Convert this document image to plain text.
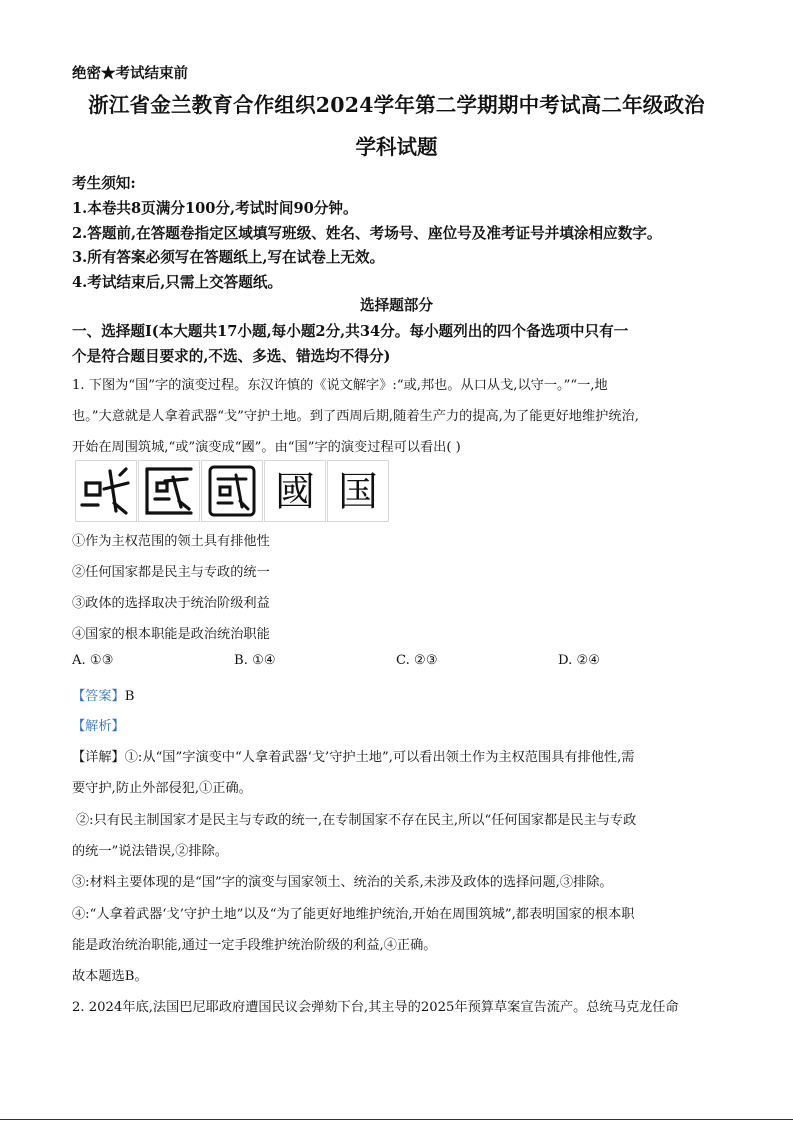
绝密★考试结束前
浙江省金兰教育合作组织2024学年第二学期期中考试高二年级政治
学科试题
考生须知:
1.本卷共8页满分100分,考试时间90分钟。
2.答题前,在答题卷指定区域填写班级、姓名、考场号、座位号及准考证号并填涂相应数字。
3.所有答案必须写在答题纸上,写在试卷上无效。
4.考试结束后,只需上交答题纸。
选择题部分
一、选择题Ⅰ(本大题共17小题,每小题2分,共34分。每小题列出的四个备选项中只有一
个是符合题目要求的,不选、多选、错选均不得分)
1. 下图为“国”字的演变过程。东汉许慎的《说文解字》:“或,邦也。从口从戈,以守一。”“一,地
也。”大意就是人拿着武器“戈”守护土地。到了西周后期,随着生产力的提高,为了能更好地维护统治,
开始在周围筑城,“或”演变成“國”。由“国”字的演变过程可以看出( )
國 国
①作为主权范围的领土具有排他性
②任何国家都是民主与专政的统一
③政体的选择取决于统治阶级利益
④国家的根本职能是政治统治职能
A. ①③	B. ①④	C. ②③	D. ②④
【答案】B
【解析】
【详解】①:从“国”字演变中“人拿着武器‘戈’守护土地”,可以看出领土作为主权范围具有排他性,需
要守护,防止外部侵犯,①正确。
②:只有民主制国家才是民主与专政的统一,在专制国家不存在民主,所以“任何国家都是民主与专政
的统一”说法错误,②排除。
③:材料主要体现的是“国”字的演变与国家领土、统治的关系,未涉及政体的选择问题,③排除。
④:“人拿着武器‘戈’守护土地”以及“为了能更好地维护统治,开始在周围筑城”,都表明国家的根本职
能是政治统治职能,通过一定手段维护统治阶级的利益,④正确。
故本题选B。
2. 2024年底,法国巴尼耶政府遭国民议会弹劾下台,其主导的2025年预算草案宣告流产。总统马克龙任命
